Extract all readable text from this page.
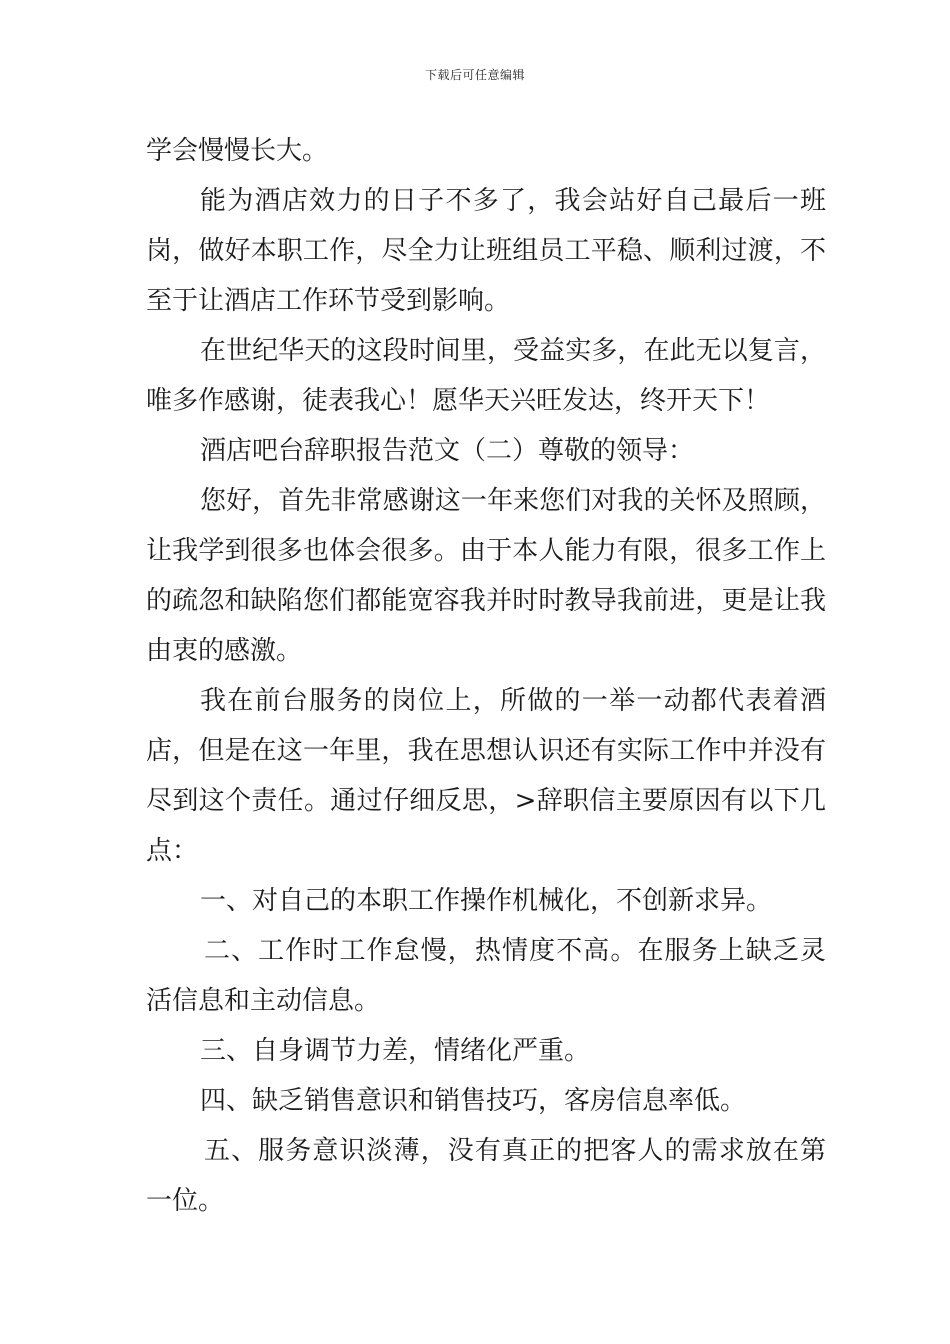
下载后可任意编辑

学会慢慢长大。

能为酒店效力的日子不多了，我会站好自己最后一班岗，做好本职工作，尽全力让班组员工平稳、顺利过渡，不至于让酒店工作环节受到影响。

在世纪华天的这段时间里，受益实多，在此无以复言，唯多作感谢，徒表我心！愿华天兴旺发达，终开天下！

酒店吧台辞职报告范文（二）尊敬的领导：

您好，首先非常感谢这一年来您们对我的关怀及照顾，让我学到很多也体会很多。由于本人能力有限，很多工作上的疏忽和缺陷您们都能宽容我并时时教导我前进，更是让我由衷的感激。

我在前台服务的岗位上，所做的一举一动都代表着酒店，但是在这一年里，我在思想认识还有实际工作中并没有尽到这个责任。通过仔细反思，>辞职信主要原因有以下几点：

一、对自己的本职工作操作机械化，不创新求异。

二、工作时工作怠慢，热情度不高。在服务上缺乏灵活信息和主动信息。

三、自身调节力差，情绪化严重。

四、缺乏销售意识和销售技巧，客房信息率低。

五、服务意识淡薄，没有真正的把客人的需求放在第一位。
